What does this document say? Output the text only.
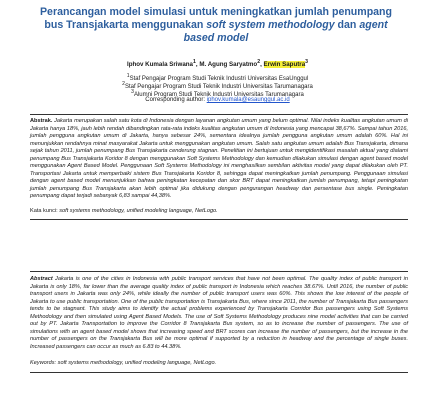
Perancangan model simulasi untuk meningkatkan jumlah penumpang
bus Transjakarta menggunakan soft system methodology dan agent
based model
Iphov Kumala Sriwana$^1$, M. Agung Saryatmo$^2$, Erwin Saputra$^3$
$^1$Staf Pengajar Program Studi Teknik Industri Universitas EsaUnggul
$^2$Staf Pengajar Program Studi Teknik Industri Universitas Tarumanagara
$^3$Alumni Program Studi Teknik Industri Universitas Tarumanagara
Corresponding author: iphov.kumala@esaunggul.ac.id

Abstrak. Jakarta merupakan salah satu kota di Indonesia dengan layanan angkutan umum yang belum optimal. Nilai indeks kualitas angkutan umum di Jakarta hanya 18%, jauh lebih rendah dibandingkan rata-rata indeks kualitas angkutan umum di Indonesia yang mencapai 38,67%. Sampai tahun 2016, jumlah pengguna angkutan umum di Jakarta, hanya sebesar 24%, sementara idealnya jumlah pengguna angkutan umum adalah 60%. Hal ini menunjukkan rendahnya minat masyarakat Jakarta untuk menggunakan angkutan umum. Salah satu angkutan umum adalah Bus Transjakarta, dimana sejak tahun 2011, jumlah penumpang Bus Transjakarta cenderung stagnan. Penelitian ini bertujuan untuk mengidentifikasi masalah aktual yang dialami penumpang Bus Transjakarta Koridor 8 dengan menggunakan Soft Systems Methodology dan kemudian dilakukan simulasi dengan agent based model menggunakan Agent Based Model. Penggunaan Soft Systems Methodology ini menghasilkan sembilan aktivitas model yang dapat dilakukan oleh PT. Transportasi Jakarta untuk memperbaiki sistem Bus Transjakarta Koridor 8, sehingga dapat meningkatkan jumlah penumpang. Penggunaan simulasi dengan agent based model menunjukkan bahwa peningkatan kecepatan dan skor BRT dapat meningkatkan jumlah penumpang, tetapi peningkatan jumlah penumpang Bus Transjakarta akan lebih optimal jika didukung dengan pengurangan headway dan persentase bus single. Peningkatan penumpang dapat terjadi sebanyak 6,83 sampai 44,38%.

Kata kunci: soft systems methodology, unified modeling language, NetLogo.

Abstract Jakarta is one of the cities in Indonesia with public transport services that have not been optimal. The quality index of public transport in Jakarta is only 18%, far lower than the average quality index of public transport in Indonesia which reaches 38.67%. Until 2016, the number of public transport users in Jakarta was only 24%, while ideally the number of public transport users was 60%. This shows the low interest of the people of Jakarta to use public transportation. One of the public transportation is Transjakarta Bus, where since 2011, the number of Transjakarta Bus passengers tends to be stagnant. This study aims to identify the actual problems experienced by Transjakarta Corridor Bus passengers using Soft Systems Methodology and then simulated using Agent Based Models. The use of Soft Systems Methodology produces nine model activities that can be carried out by PT. Jakarta Transportation to improve the Corridor 8 Transjakarta Bus system, so as to increase the number of passengers. The use of simulations with an agent based model shows that increasing speed and BRT scores can increase the number of passengers, but the increase in the number of passengers on the Transjakarta Bus will be more optimal if supported by a reduction in headway and the percentage of single buses. Increased passengers can occur as much as 6.83 to 44.38%.

Keywords: soft systems methodology, unified modeling language, NetLogo.
